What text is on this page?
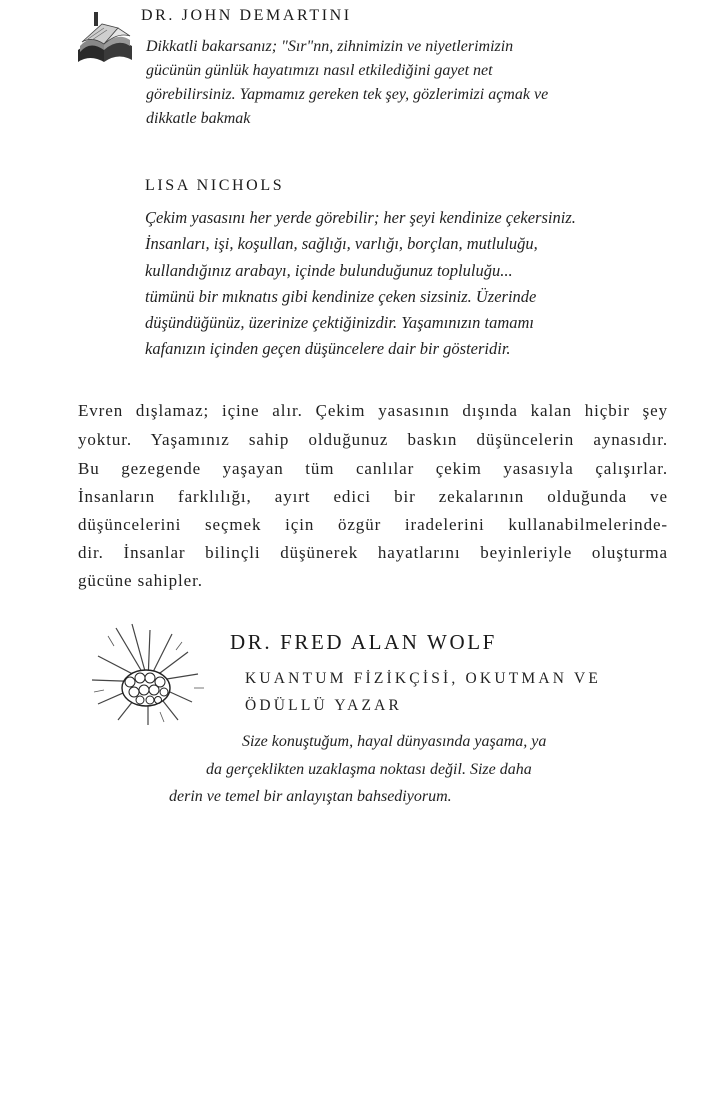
DR. JOHN DEMARTINI
Dikkatli bakarsanız; "Sır"nn, zihnimizin ve niyetlerimizin
gücünün günlük hayatımızı nasıl etkilediğini gayet net
görebilirsiniz. Yapmamız gereken tek şey, gözlerimizi açmak ve
dikkatle bakmak
LISA NICHOLS
Çekim yasasını her yerde görebilir; her şeyi kendinize çekersiniz.
İnsanları, işi, koşullan, sağlığı, varlığı, borçlan, mutluluğu,
kullandığınız arabayı, içinde bulunduğunuz topluluğu...
tümünü bir mıknatıs gibi kendinize çeken sizsiniz. Üzerinde
düşündüğünüz, üzerinize çektiğinizdir. Yaşamınızın tamamı
kafanızın içinden geçen düşüncelere dair bir gösteridir.
Evren dışlamaz; içine alır. Çekim yasasının dışında kalan hiçbir şey
yoktur. Yaşamınız sahip olduğunuz baskın düşüncelerin aynasıdır.
Bu gezegende yaşayan tüm canlılar çekim yasasıyla çalışırlar.
İnsanların farklılığı, ayırt edici bir zekalarının olduğunda ve
düşüncelerini seçmek için özgür iradelerini kullanabilmelerinde-
dir. İnsanlar bilinçli düşünerek hayatlarını beyinleriyle oluşturma
gücüne sahipler.
DR. FRED ALAN WOLF
KUANTUM FİZİKÇİSİ, OKUTMAN VE
ÖDÜLLÜ YAZAR
Size konuştuğum, hayal dünyasında yaşama, ya
da gerçeklikten uzaklaşma noktası değil. Size daha
derin ve temel bir anlayıştan bahsediyorum.
